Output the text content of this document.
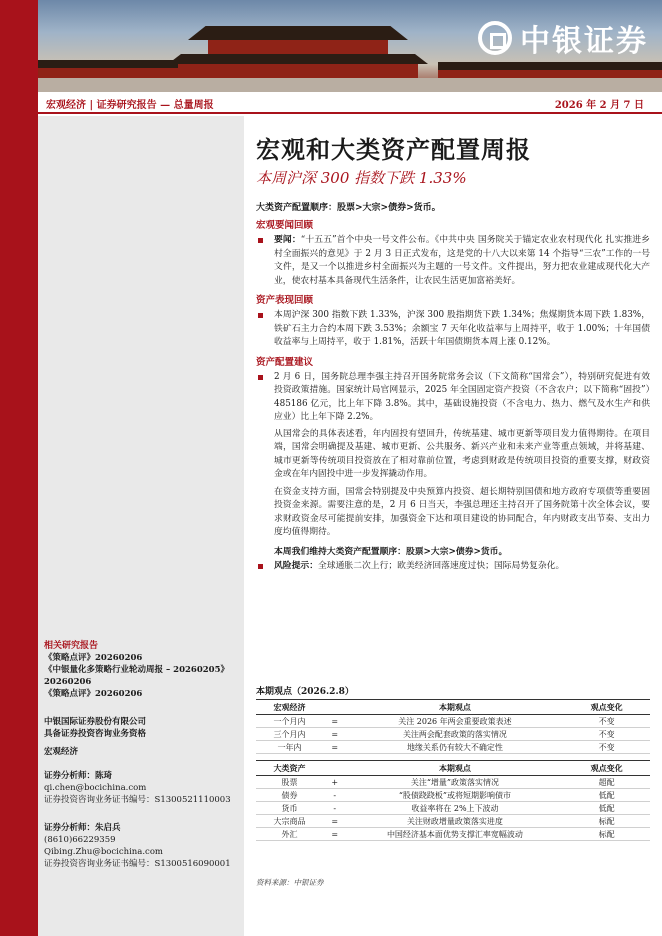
中银证券
宏观经济 | 证券研究报告 — 总量周报	2026 年 2 月 7 日
相关研究报告
《策略点评》20260206
《中银量化多策略行业轮动周报 – 20260205》20260206
《策略点评》20260206
中银国际证券股份有限公司
具备证券投资咨询业务资格
宏观经济
证券分析师：陈琦
qi.chen@bocichina.com
证券投资咨询业务证书编号：S1300521110003
证券分析师：朱启兵
(8610)66229359
Qibing.Zhu@bocichina.com
证券投资咨询业务证书编号：S1300516090001
宏观和大类资产配置周报
本周沪深 300 指数下跌 1.33%
大类资产配置顺序：股票>大宗>债券>货币。
宏观要闻回顾
要闻：“十五五”首个中央一号文件公布。《中共中央 国务院关于锚定农业农村现代化 扎实推进乡村全面振兴的意见》于 2 月 3 日正式发布，这是党的十八大以来第 14 个指导“三农”工作的一号文件，是又一个以推进乡村全面振兴为主题的一号文件。文件提出，努力把农业建成现代化大产业，使农村基本具备现代生活条件，让农民生活更加富裕美好。
资产表现回顾
本周沪深 300 指数下跌 1.33%，沪深 300 股指期货下跌 1.34%；焦煤期货本周下跌 1.83%，铁矿石主力合约本周下跌 3.53%；余额宝 7 天年化收益率与上周持平，收于 1.00%；十年国债收益率与上周持平，收于 1.81%，活跃十年国债期货本周上涨 0.12%。
资产配置建议
2 月 6 日，国务院总理李强主持召开国务院常务会议（下文简称“国常会”），特别研究促进有效投资政策措施。国家统计局官网显示，2025 年全国固定资产投资（不含农户；以下简称“固投”）485186 亿元，比上年下降 3.8%。其中，基础设施投资（不含电力、热力、燃气及水生产和供应业）比上年下降 2.2%。
从国常会的具体表述看，年内固投有望回升，传统基建、城市更新等项目发力值得期待。在项目端，国常会明确提及基建、城市更新、公共服务、新兴产业和未来产业等重点领域，并将基建、城市更新等传统项目投资放在了相对靠前位置，考虑到财政是传统项目投资的重要支撑，财政资金或在年内固投中进一步发挥撬动作用。
在资金支持方面，国常会特别提及中央预算内投资、超长期特别国债和地方政府专项债等重要固投资金来源。需要注意的是，2 月 6 日当天，李强总理还主持召开了国务院第十次全体会议，要求财政资金尽可能提前安排，加强资金下达和项目建设的协同配合，年内财政支出节奏、支出力度均值得期待。
本周我们维持大类资产配置顺序：股票>大宗>债券>货币。
风险提示：全球通胀二次上行；欧美经济回落速度过快；国际局势复杂化。
本期观点（2026.2.8）
宏观经济		本期观点	观点变化
一个月内	=	关注 2026 年两会重要政策表述	不变
三个月内	=	关注两会配套政策的落实情况	不变
一年内	=	地缘关系仍有较大不确定性	不变
大类资产		本期观点	观点变化
股票	+	关注“增量”政策落实情况	超配
债券	-	“股债跷跷板”或将短期影响债市	低配
货币	-	收益率将在 2%上下波动	低配
大宗商品	=	关注财政增量政策落实进度	标配
外汇	=	中国经济基本面优势支撑汇率宽幅波动	标配
资料来源：中银证券
